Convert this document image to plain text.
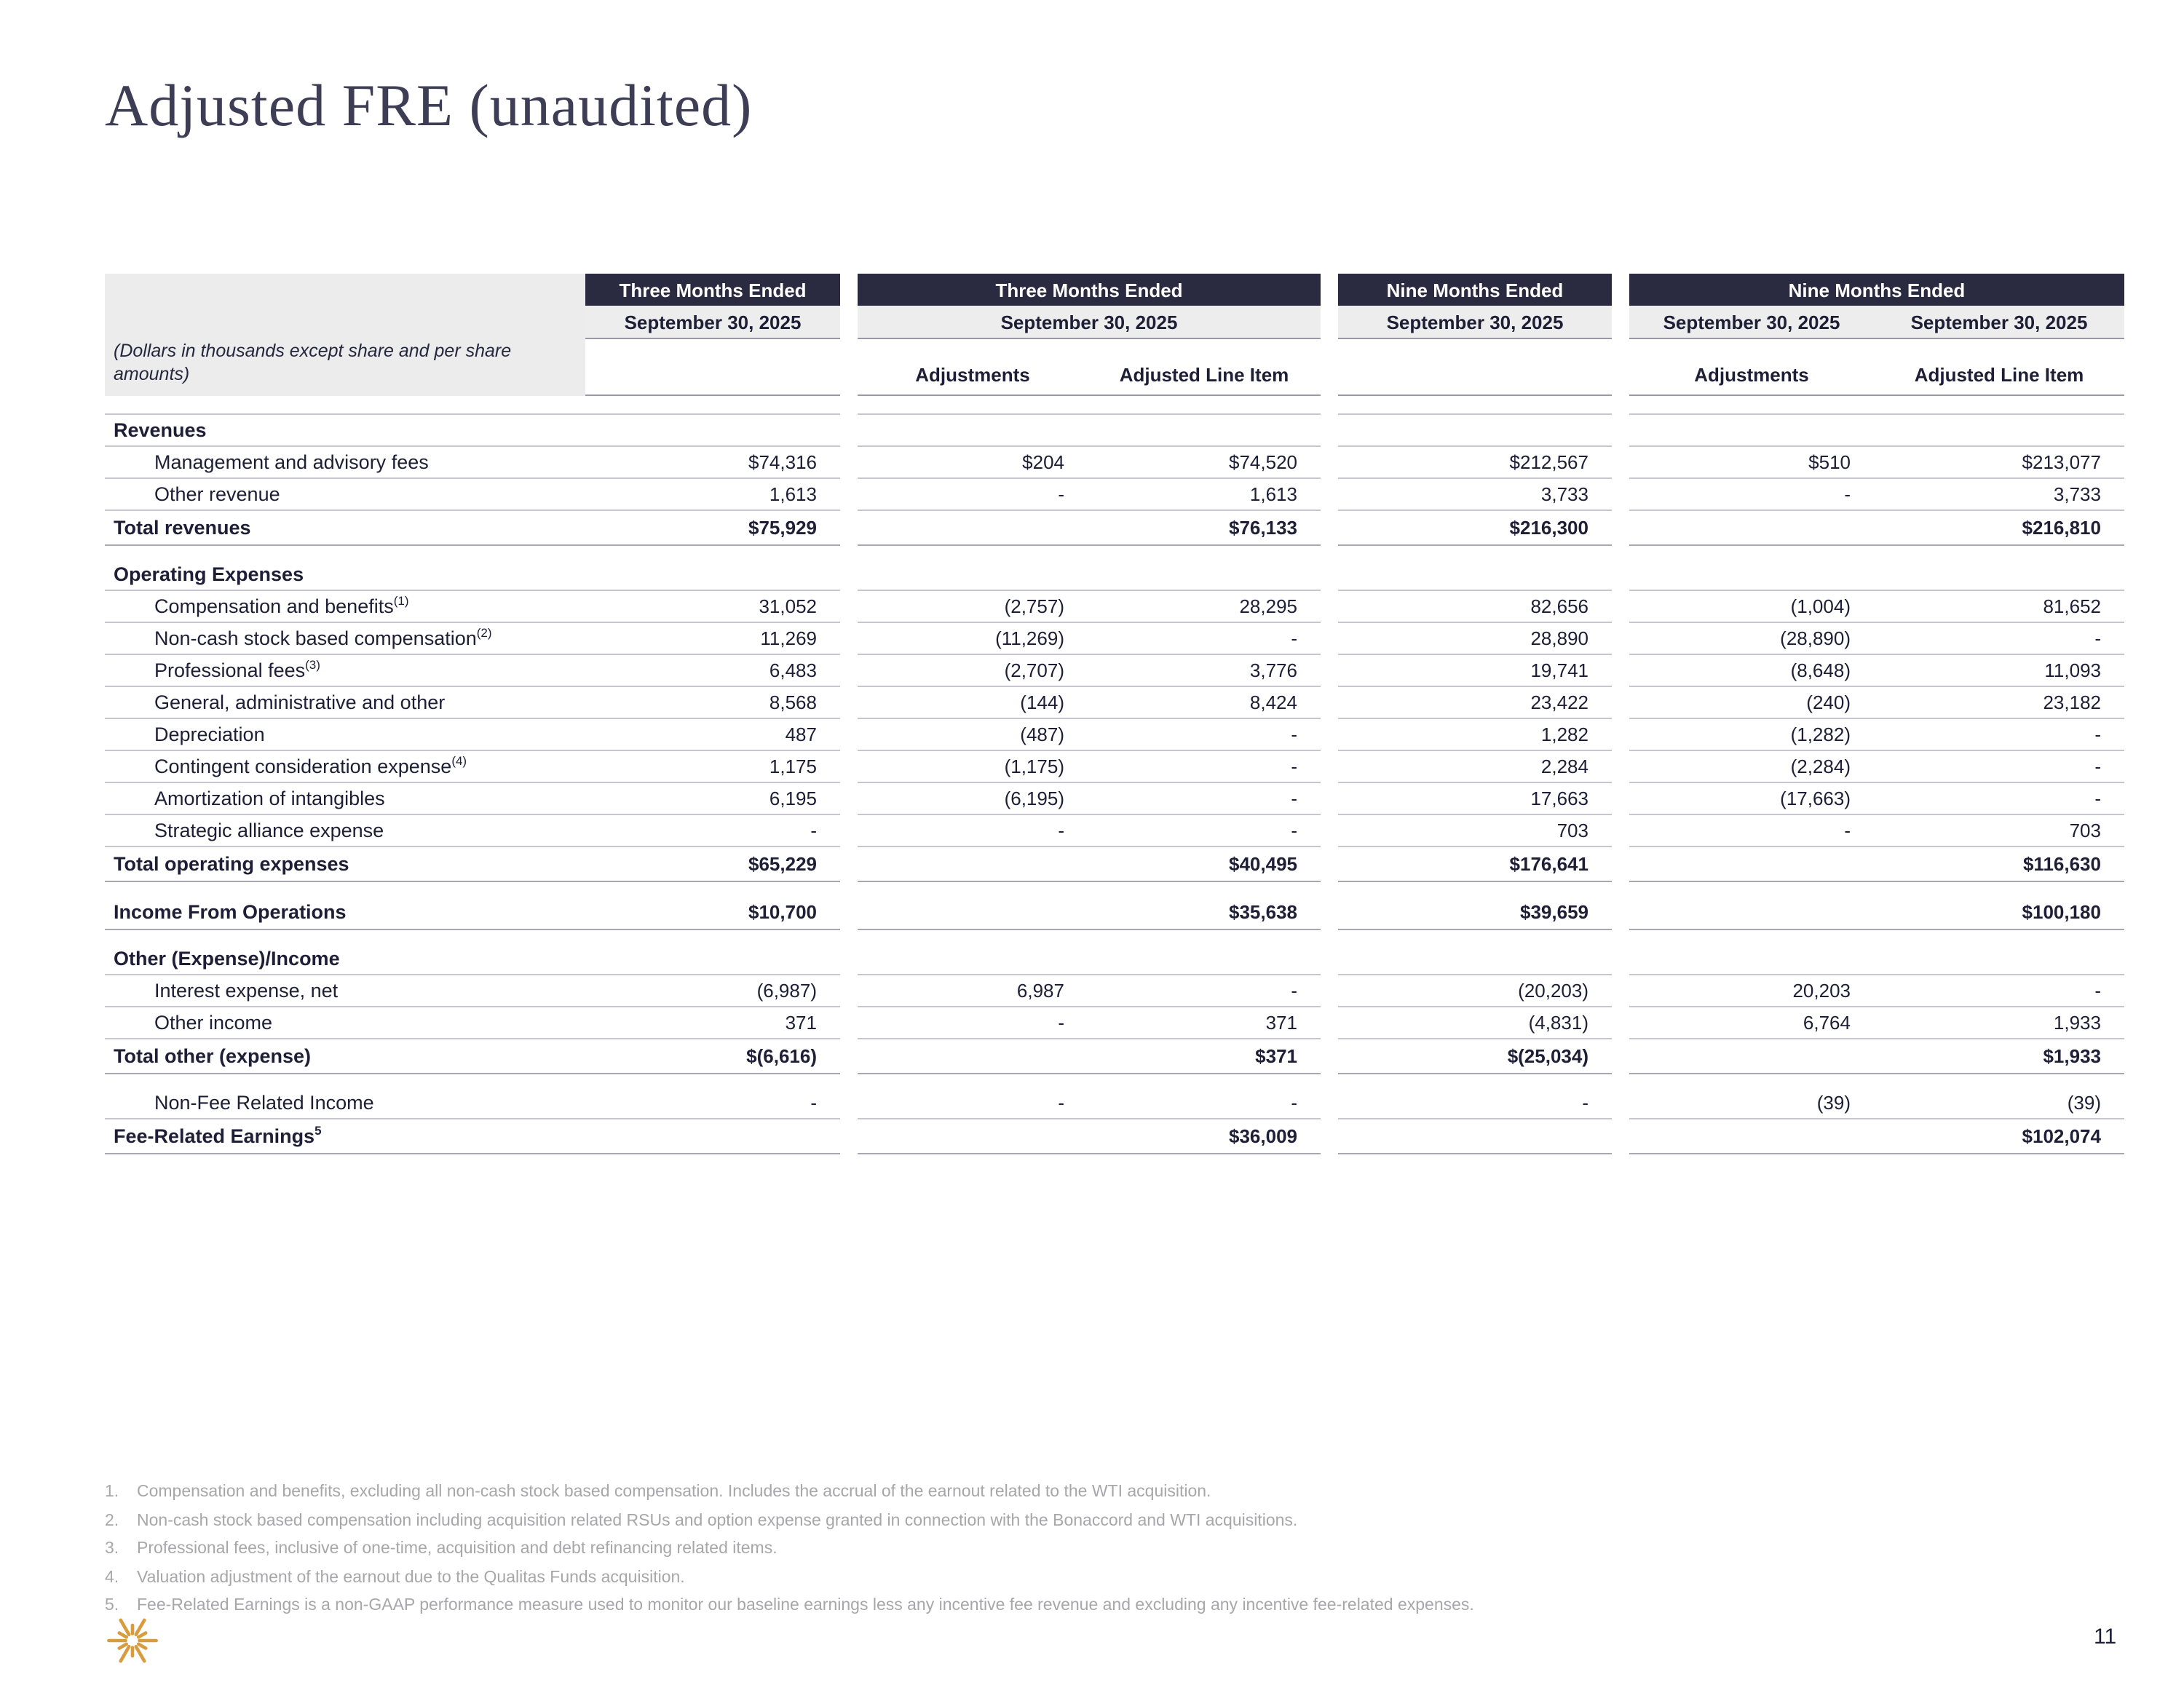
Adjusted FRE (unaudited)
(Dollars in thousands except share and per share amounts)	Three Months Ended		Three Months Ended			Nine Months Ended		Nine Months Ended	
	September 30, 2025		September 30, 2025			September 30, 2025		September 30, 2025	September 30, 2025
			Adjustments	Adjusted Line Item				Adjustments	Adjusted Line Item

Revenues									
Management and advisory fees	$74,316		$204	$74,520		$212,567		$510	$213,077
Other revenue	1,613		-	1,613		3,733		-	3,733
Total revenues	$75,929			$76,133		$216,300			$216,810

Operating Expenses									
Compensation and benefits$^{(1)}$	31,052		(2,757)	28,295		82,656		(1,004)	81,652
Non-cash stock based compensation$^{(2)}$	11,269		(11,269)	-		28,890		(28,890)	-
Professional fees$^{(3)}$	6,483		(2,707)	3,776		19,741		(8,648)	11,093
General, administrative and other	8,568		(144)	8,424		23,422		(240)	23,182
Depreciation	487		(487)	-		1,282		(1,282)	-
Contingent consideration expense$^{(4)}$	1,175		(1,175)	-		2,284		(2,284)	-
Amortization of intangibles	6,195		(6,195)	-		17,663		(17,663)	-
Strategic alliance expense	-		-	-		703		-	703
Total operating expenses	$65,229			$40,495		$176,641			$116,630

Income From Operations	$10,700			$35,638		$39,659			$100,180

Other (Expense)/Income									
Interest expense, net	(6,987)		6,987	-		(20,203)		20,203	-
Other income	371		-	371		(4,831)		6,764	1,933
Total other (expense)	$(6,616)			$371		$(25,034)			$1,933

Non-Fee Related Income	-		-	-		-		(39)	(39)
Fee-Related Earnings$^5$				$36,009					$102,074
1.	Compensation and benefits, excluding all non-cash stock based compensation. Includes the accrual of the earnout related to the WTI acquisition.
2.	Non-cash stock based compensation including acquisition related RSUs and option expense granted in connection with the Bonaccord and WTI acquisitions.
3.	Professional fees, inclusive of one-time, acquisition and debt refinancing related items.
4.	Valuation adjustment of the earnout due to the Qualitas Funds acquisition.
5.	Fee-Related Earnings is a non-GAAP performance measure used to monitor our baseline earnings less any incentive fee revenue and excluding any incentive fee-related expenses.
11
